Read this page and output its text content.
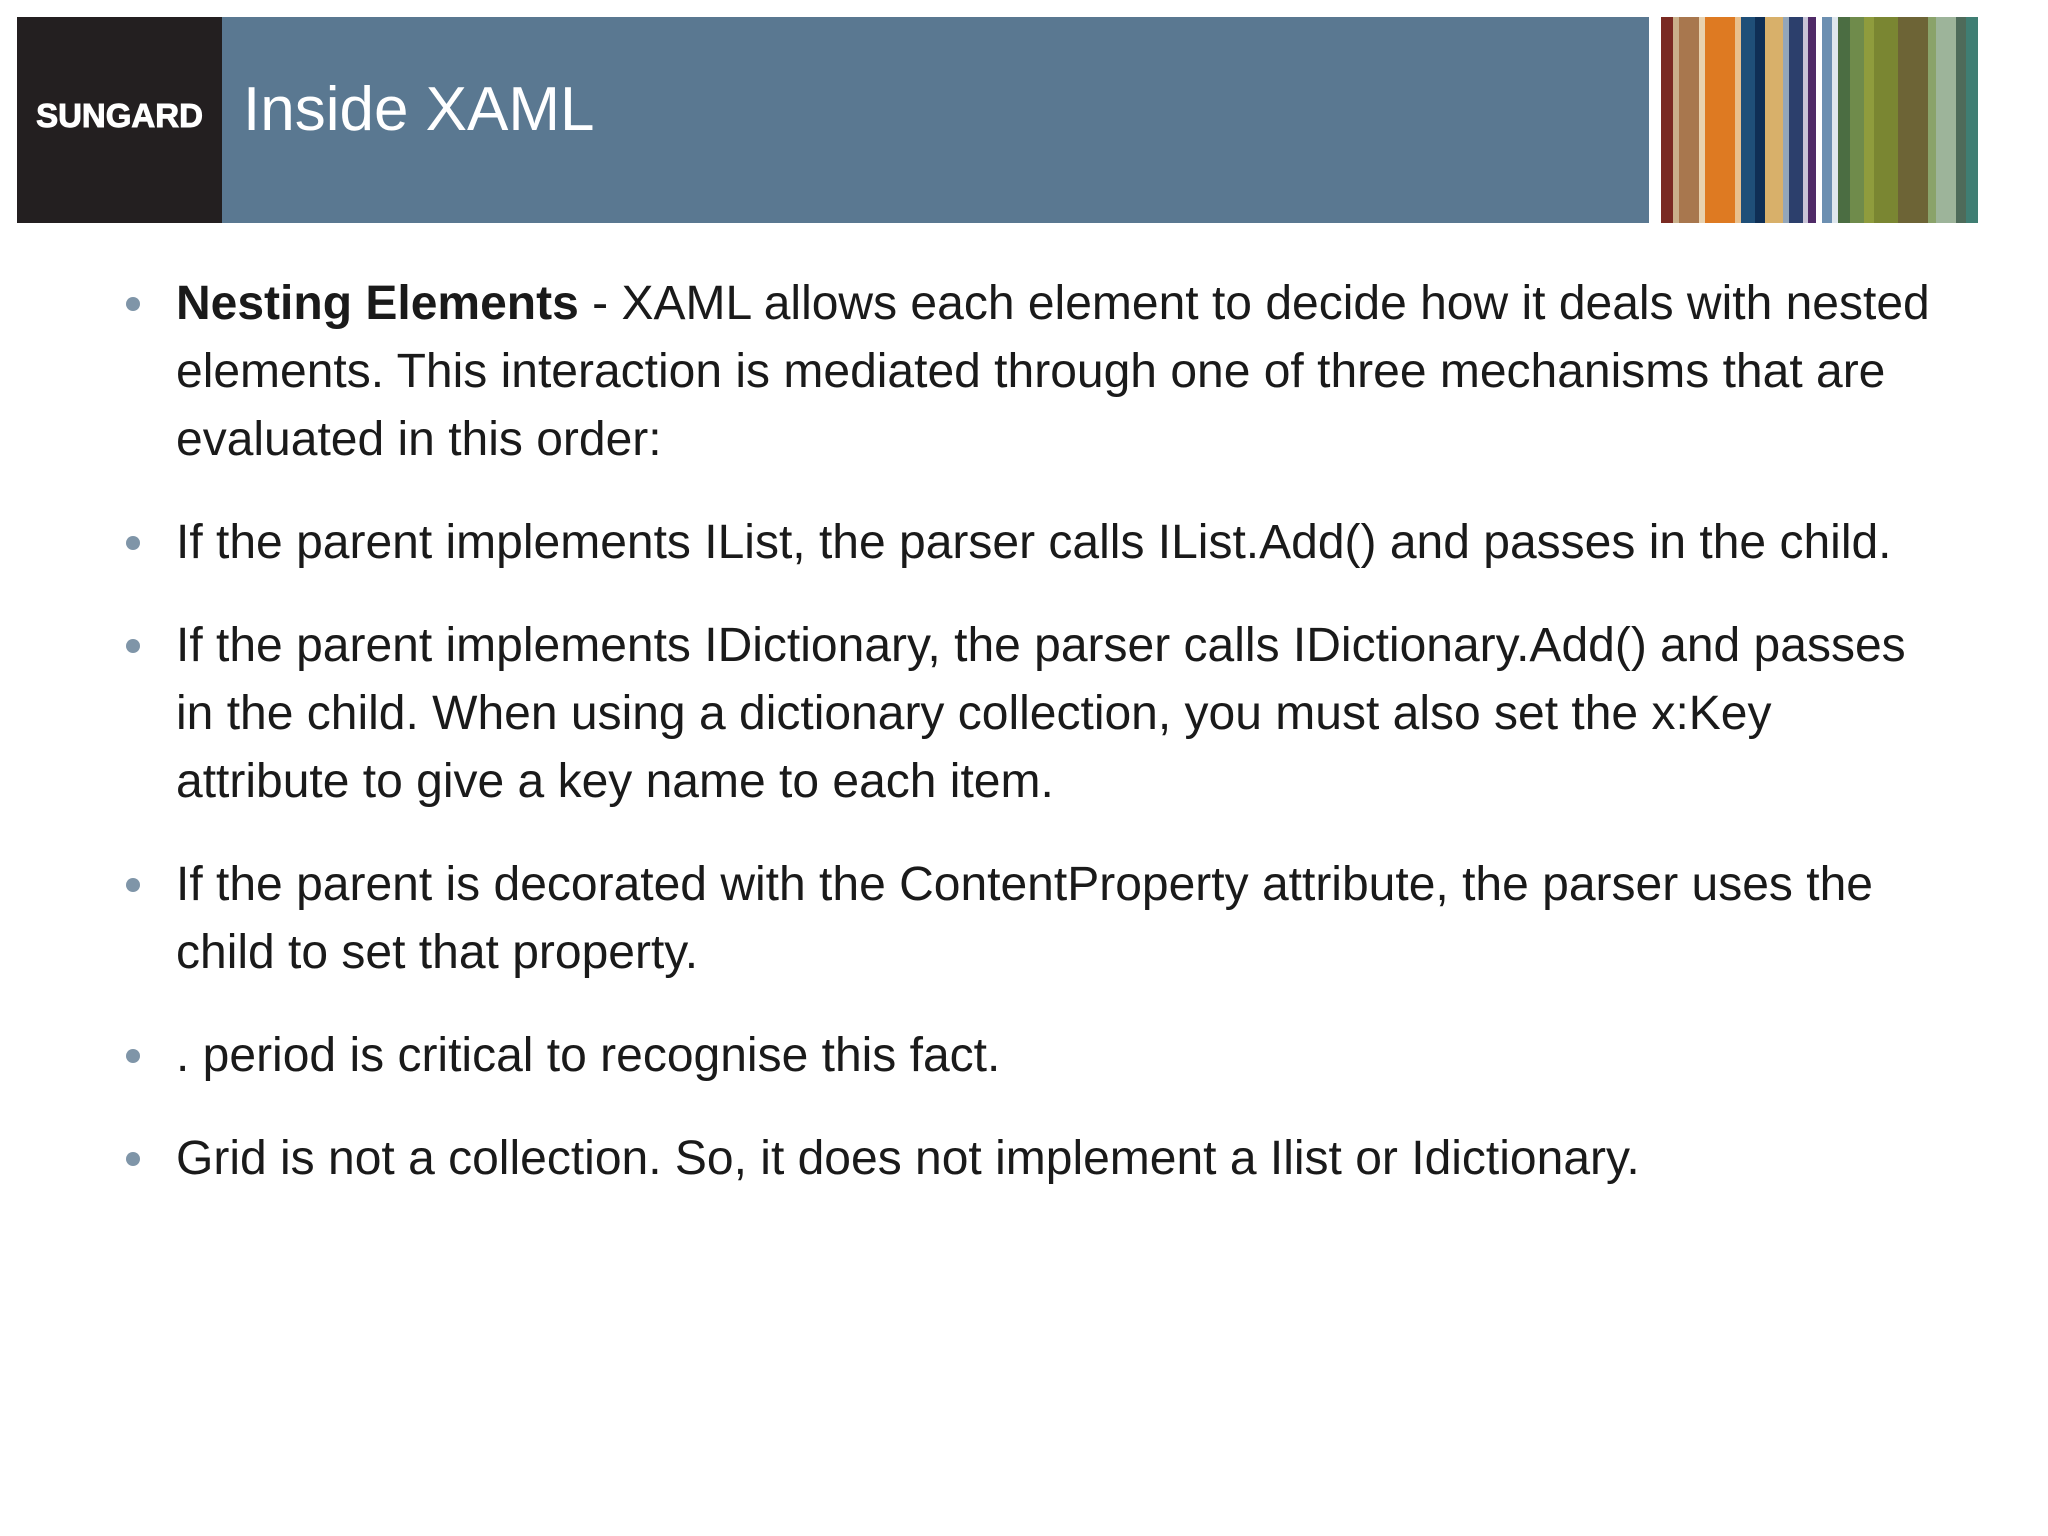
SUNGARD Inside XAML
Nesting Elements - XAML allows each element to decide how it deals with nested elements. This interaction is mediated through one of three mechanisms that are evaluated in this order:
If the parent implements IList, the parser calls IList.Add() and passes in the child.
If the parent implements IDictionary, the parser calls IDictionary.Add() and passes in the child. When using a dictionary collection, you must also set the x:Key attribute to give a key name to each item.
If the parent is decorated with the ContentProperty attribute, the parser uses the child to set that property.
. period is critical to recognise this fact.
Grid is not a collection. So, it does not implement a Ilist or Idictionary.
